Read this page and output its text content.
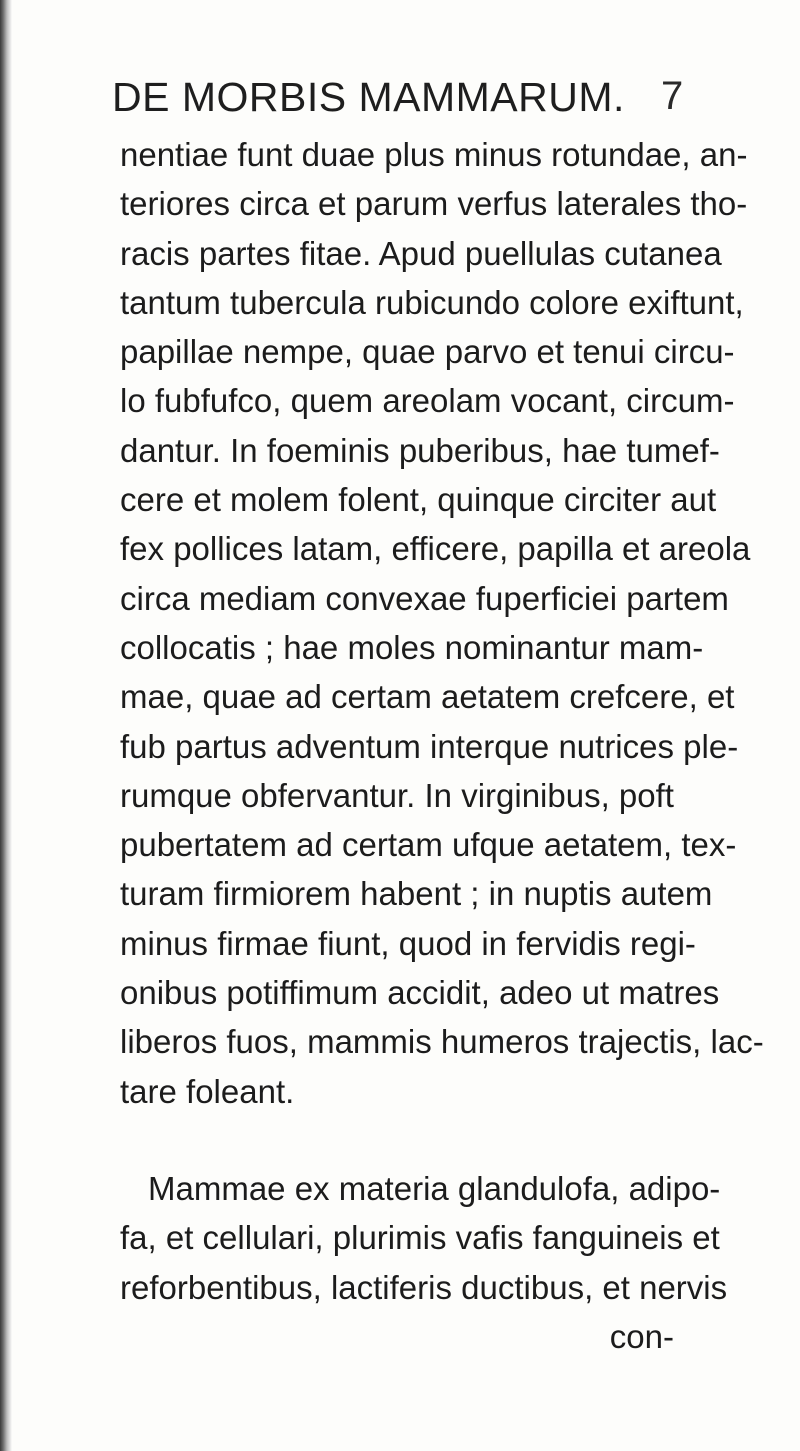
DE MORBIS MAMMARUM. 7
nentiae funt duae plus minus rotundae, an-
teriores circa et parum verfus laterales tho-
racis partes fitae. Apud puellulas cutanea
tantum tubercula rubicundo colore exiftunt,
papillae nempe, quae parvo et tenui circu-
lo fubfufco, quem areolam vocant, circum-
dantur. In foeminis puberibus, hae tumef-
cere et molem folent, quinque circiter aut
fex pollices latam, efficere, papilla et areola
circa mediam convexae fuperficiei partem
collocatis ; hae moles nominantur mam-
mae, quae ad certam aetatem crefcere, et
fub partus adventum interque nutrices ple-
rumque obfervantur. In virginibus, poft
pubertatem ad certam ufque aetatem, tex-
turam firmiorem habent ; in nuptis autem
minus firmae fiunt, quod in fervidis regi-
onibus potiffimum accidit, adeo ut matres
liberos fuos, mammis humeros trajectis, lac-
tare foleant.
Mammae ex materia glandulofa, adipo-
fa, et cellulari, plurimis vafis fanguineis et
reforbentibus, lactiferis ductibus, et nervis
con-
